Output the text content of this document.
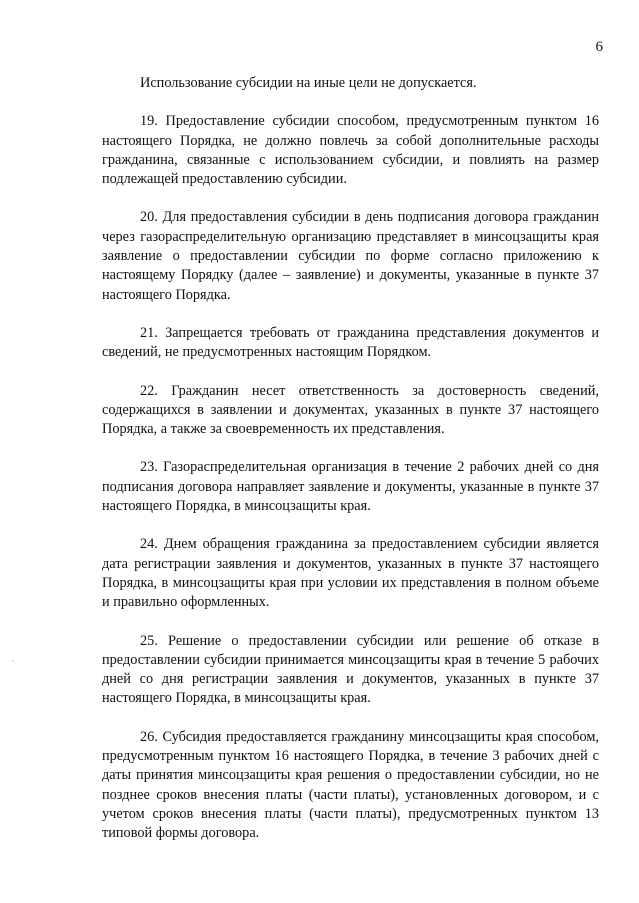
6

Использование субсидии на иные цели не допускается.

19. Предоставление субсидии способом, предусмотренным пунктом 16 настоящего Порядка, не должно повлечь за собой дополнительные расходы гражданина, связанные с использованием субсидии, и повлиять на размер подлежащей предоставлению субсидии.

20. Для предоставления субсидии в день подписания договора гражданин через газораспределительную организацию представляет в минсоцзащиты края заявление о предоставлении субсидии по форме согласно приложению к настоящему Порядку (далее – заявление) и документы, указанные в пункте 37 настоящего Порядка.

21. Запрещается требовать от гражданина представления документов и сведений, не предусмотренных настоящим Порядком.

22. Гражданин несет ответственность за достоверность сведений, содержащихся в заявлении и документах, указанных в пункте 37 настоящего Порядка, а также за своевременность их представления.

23. Газораспределительная организация в течение 2 рабочих дней со дня подписания договора направляет заявление и документы, указанные в пункте 37 настоящего Порядка, в минсоцзащиты края.

24. Днем обращения гражданина за предоставлением субсидии является дата регистрации заявления и документов, указанных в пункте 37 настоящего Порядка, в минсоцзащиты края при условии их представления в полном объеме и правильно оформленных.

25. Решение о предоставлении субсидии или решение об отказе в предоставлении субсидии принимается минсоцзащиты края в течение 5 рабочих дней со дня регистрации заявления и документов, указанных в пункте 37 настоящего Порядка, в минсоцзащиты края.

26. Субсидия предоставляется гражданину минсоцзащиты края способом, предусмотренным пунктом 16 настоящего Порядка, в течение 3 рабочих дней с даты принятия минсоцзащиты края решения о предоставлении субсидии, но не позднее сроков внесения платы (части платы), установленных договором, и с учетом сроков внесения платы (части платы), предусмотренных пунктом 13 типовой формы договора.
